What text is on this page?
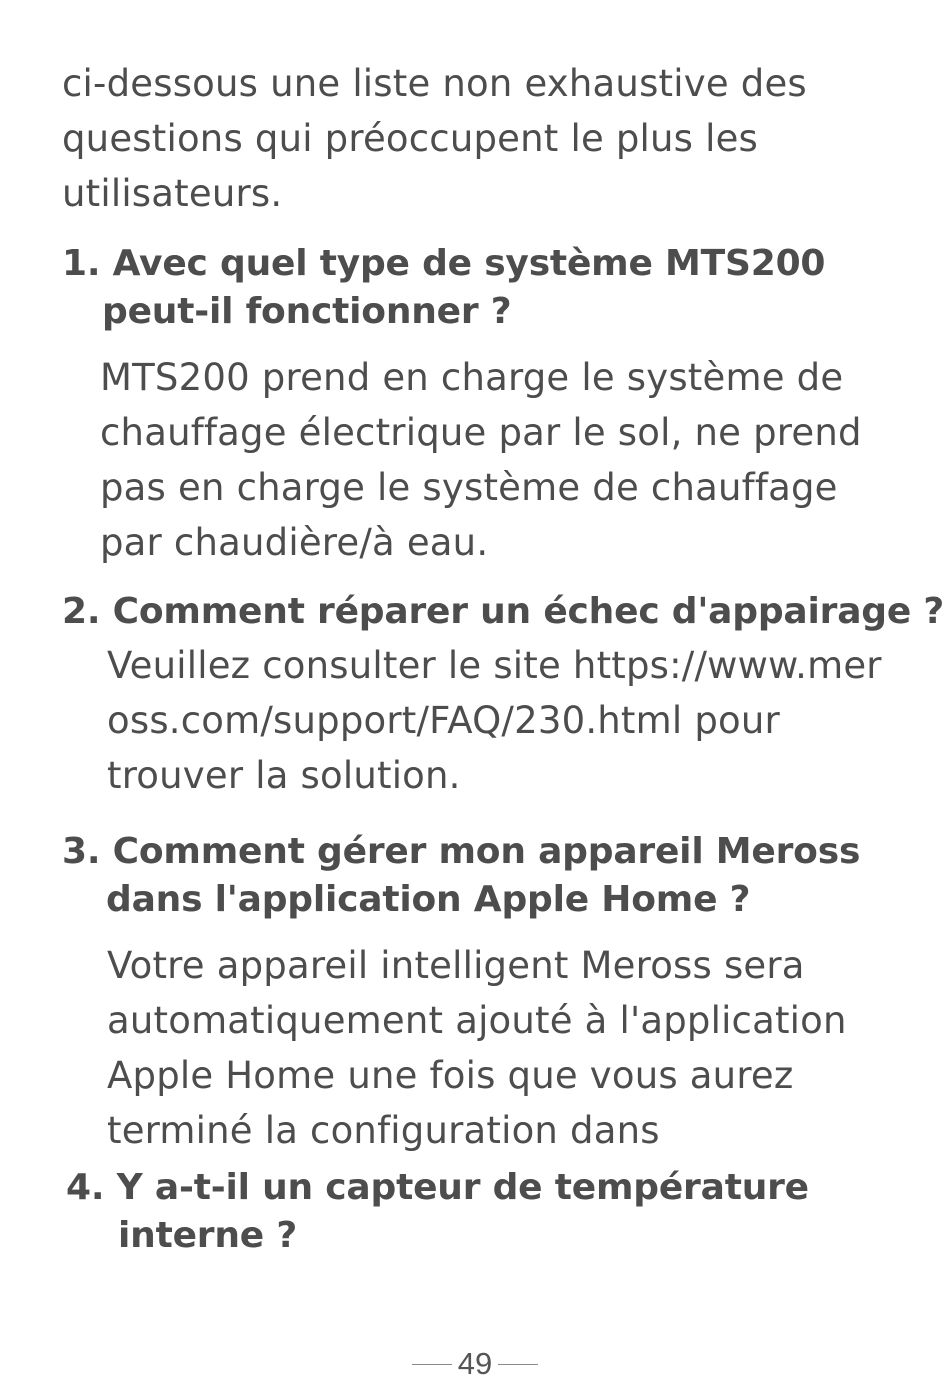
ci-dessous une liste non exhaustive des
questions qui préoccupent le plus les
utilisateurs.
1. Avec quel type de système MTS200
peut-il fonctionner ?
MTS200 prend en charge le système de
chauffage électrique par le sol, ne prend
pas en charge le système de chauffage
par chaudière/à eau.
2. Comment réparer un échec d'appairage ?
Veuillez consulter le site https://www.mer
oss.com/support/FAQ/230.html pour
trouver la solution.
3. Comment gérer mon appareil Meross
dans l'application Apple Home ?
Votre appareil intelligent Meross sera
automatiquement ajouté à l'application
Apple Home une fois que vous aurez
terminé la configuration dans
4. Y a-t-il un capteur de température
interne ?
49
